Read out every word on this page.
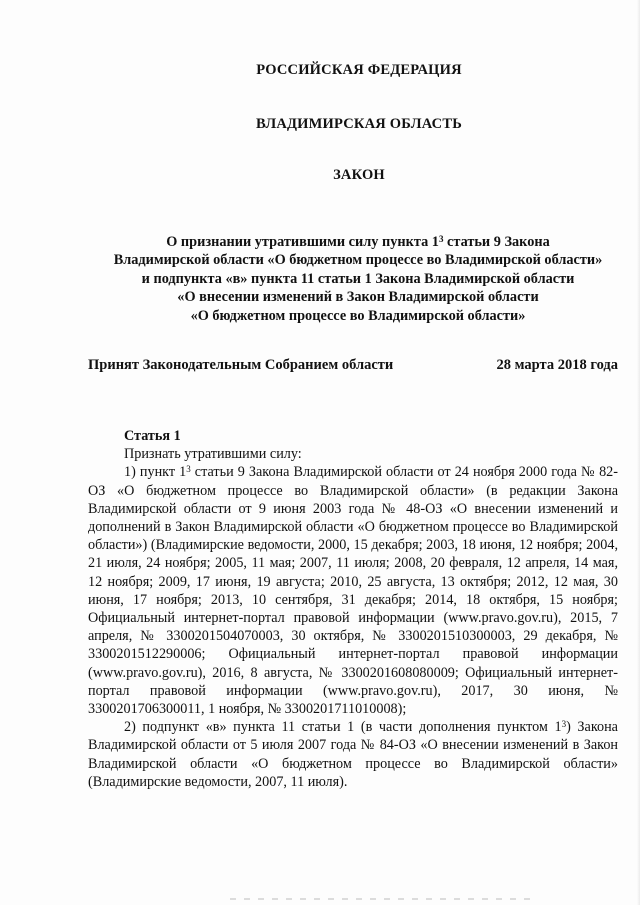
РОССИЙСКАЯ ФЕДЕРАЦИЯ
ВЛАДИМИРСКАЯ ОБЛАСТЬ
ЗАКОН
О признании утратившими силу пункта $1^3$ статьи 9 Закона
Владимирской области «О бюджетном процессе во Владимирской области»
и подпункта «в» пункта 11 статьи 1 Закона Владимирской области
«О внесении изменений в Закон Владимирской области
«О бюджетном процессе во Владимирской области»
Принят Законодательным Собранием области	28 марта 2018 года
Статья 1

Признать утратившими силу:

1) пункт $1^3$ статьи 9 Закона Владимирской области от 24 ноября 2000 года № 82-ОЗ «О бюджетном процессе во Владимирской области» (в редакции Закона Владимирской области от 9 июня 2003 года № 48-ОЗ «О внесении изменений и дополнений в Закон Владимирской области «О бюджетном процессе во Владимирской области») (Владимирские ведомости, 2000, 15 декабря; 2003, 18 июня, 12 ноября; 2004, 21 июля, 24 ноября; 2005, 11 мая; 2007, 11 июля; 2008, 20 февраля, 12 апреля, 14 мая, 12 ноября; 2009, 17 июня, 19 августа; 2010, 25 августа, 13 октября; 2012, 12 мая, 30 июня, 17 ноября; 2013, 10 сентября, 31 декабря; 2014, 18 октября, 15 ноября; Официальный интернет-портал правовой информации (www.pravo.gov.ru), 2015, 7 апреля, № 3300201504070003, 30 октября, № 3300201510300003, 29 декабря, № 3300201512290006; Официальный интернет-портал правовой информации (www.pravo.gov.ru), 2016, 8 августа, № 3300201608080009; Официальный интернет-портал правовой информации (www.pravo.gov.ru), 2017, 30 июня, № 3300201706300011, 1 ноября, № 3300201711010008);

2) подпункт «в» пункта 11 статьи 1 (в части дополнения пунктом $1^3$) Закона Владимирской области от 5 июля 2007 года № 84-ОЗ «О внесении изменений в Закон Владимирской области «О бюджетном процессе во Владимирской области» (Владимирские ведомости, 2007, 11 июля).
